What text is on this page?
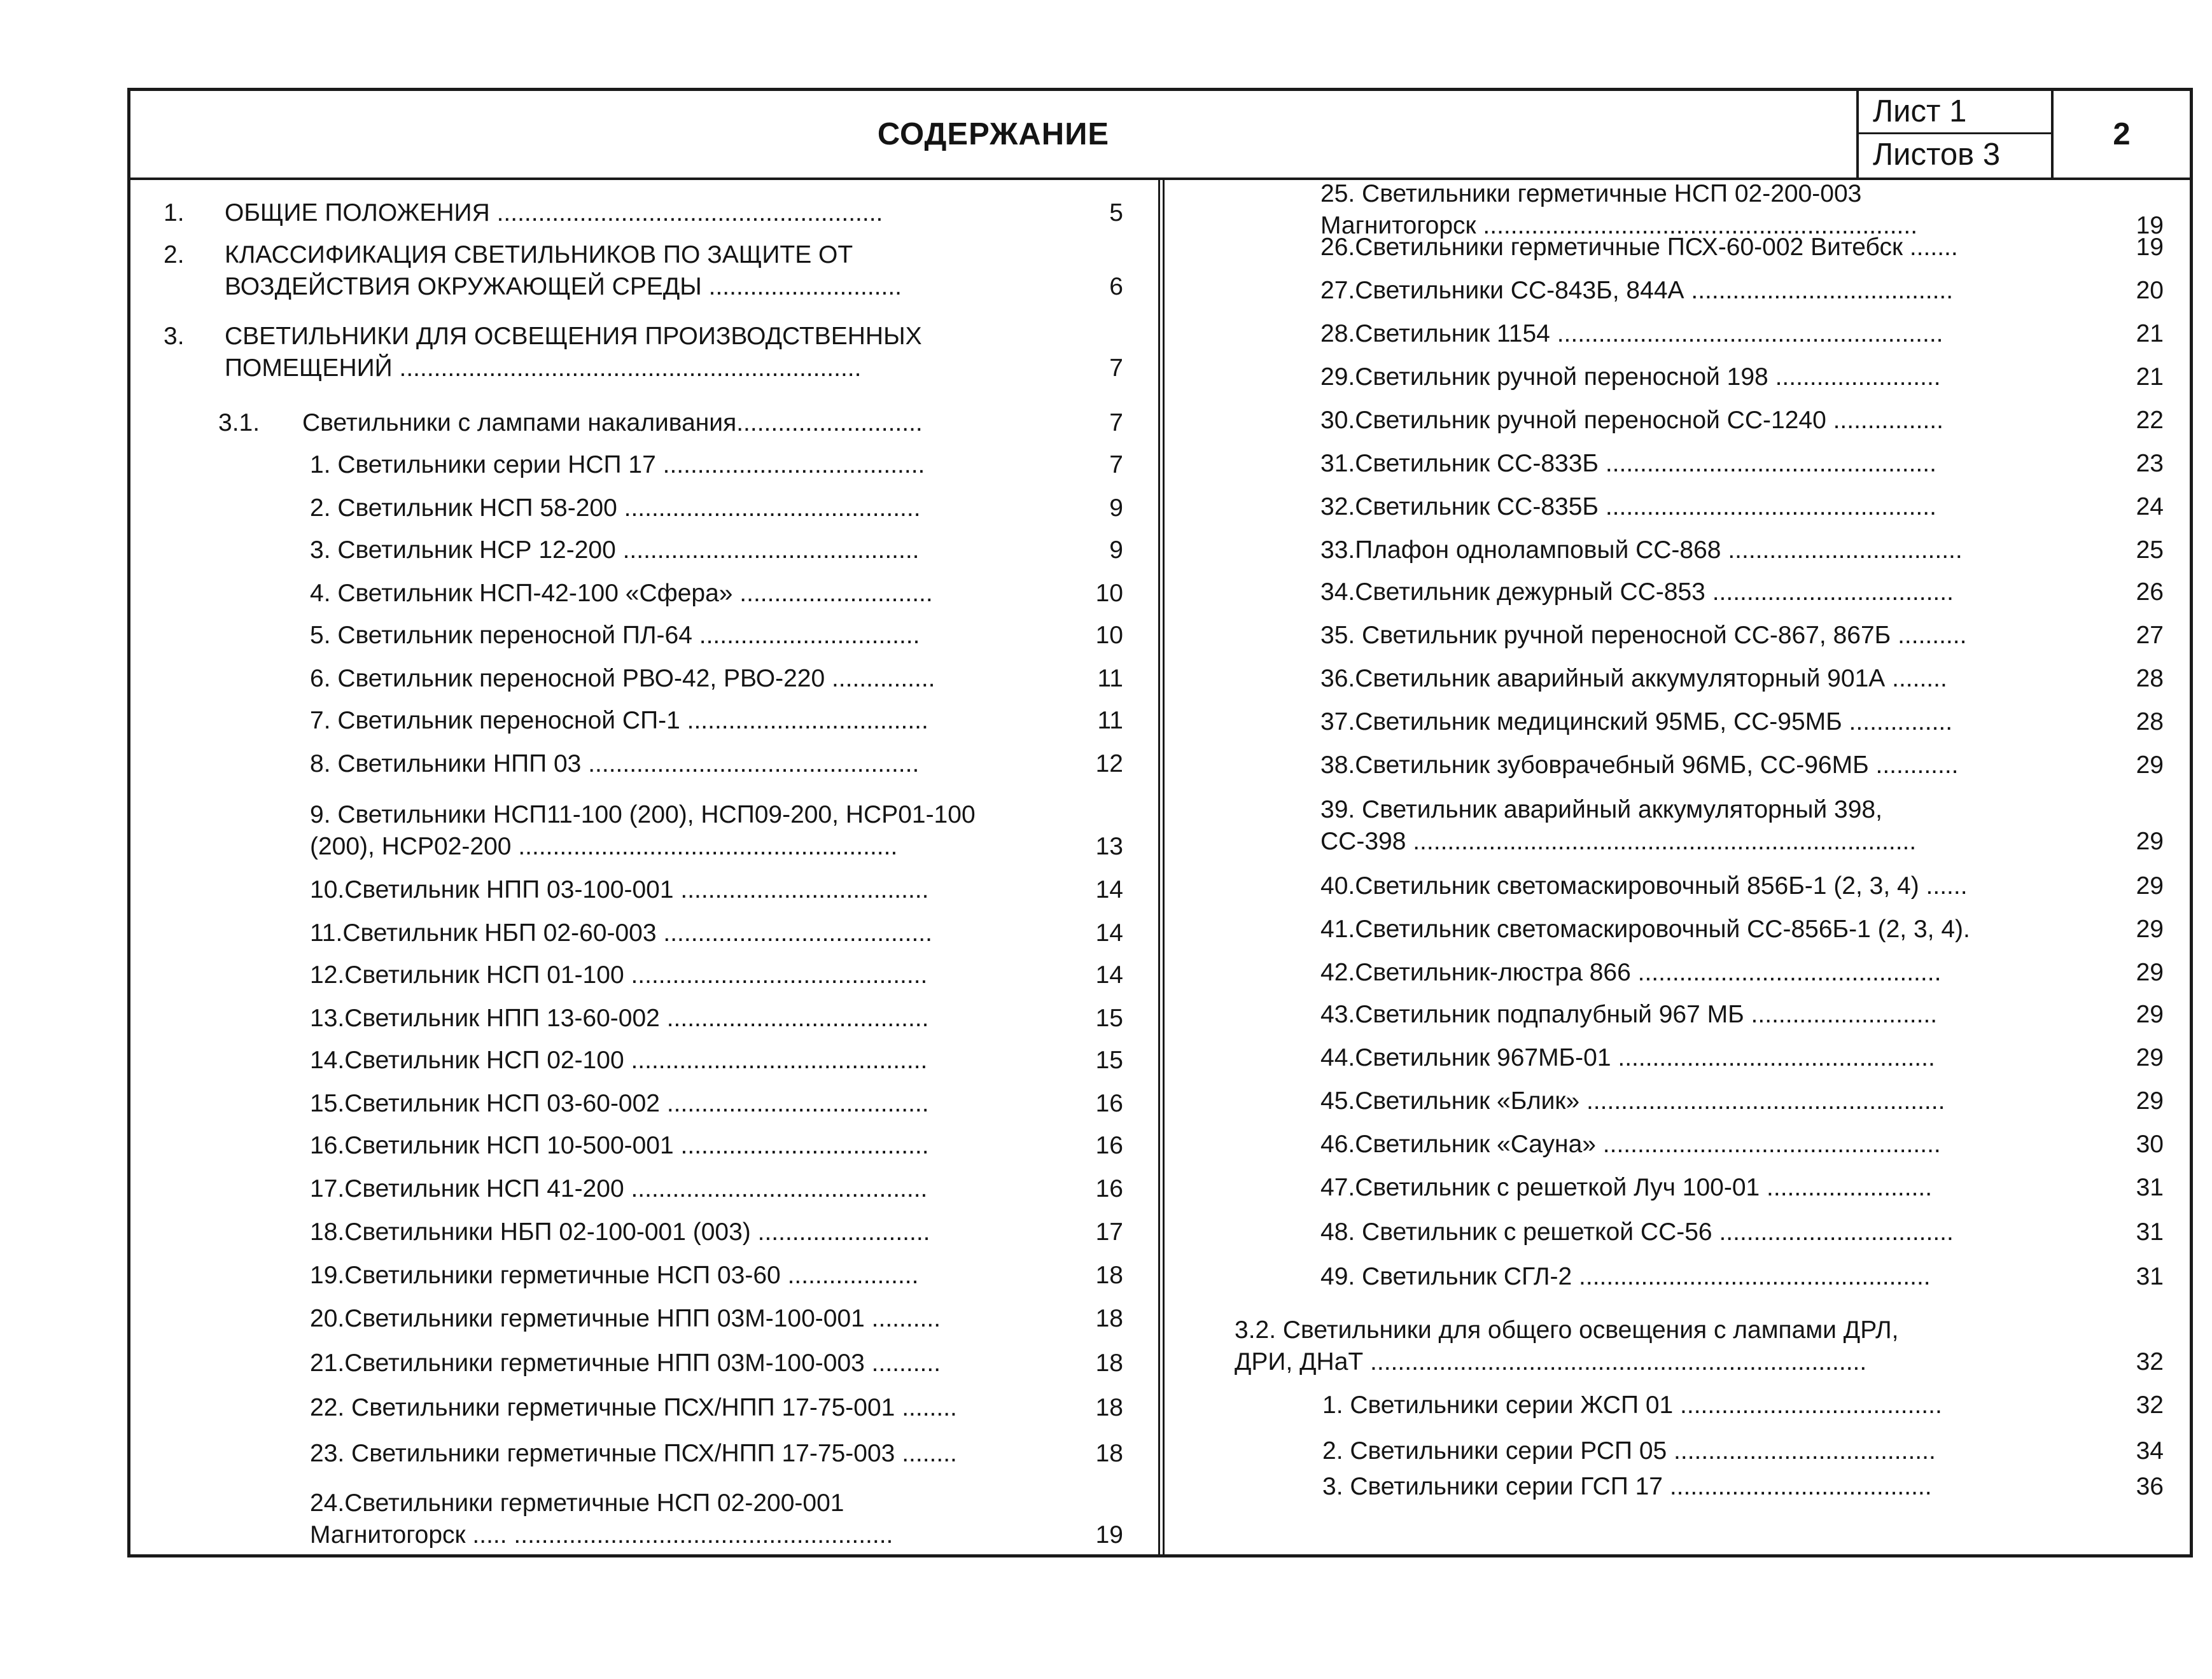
СОДЕРЖАНИЕ
Лист 1
Листов 3
2
1. ОБЩИЕ ПОЛОЖЕНИЯ ........................................................	5
2. КЛАССИФИКАЦИЯ СВЕТИЛЬНИКОВ ПО ЗАЩИТЕ ОТ
ВОЗДЕЙСТВИЯ ОКРУЖАЮЩЕЙ СРЕДЫ ............................	6
3. СВЕТИЛЬНИКИ ДЛЯ ОСВЕЩЕНИЯ ПРОИЗВОДСТВЕННЫХ
ПОМЕЩЕНИЙ ...................................................................	7
3.1. Светильники с лампами накаливания...........................	7
1. Светильники серии НСП 17 ......................................	7
2. Светильник НСП 58-200 ...........................................	9
3. Светильник НСР 12-200 ...........................................	9
4. Светильник НСП-42-100 «Сфера» ............................	10
5. Светильник переносной ПЛ-64 ................................	10
6. Светильник переносной РВО-42, РВО-220 ...............	11
7. Светильник переносной СП-1 ...................................	11
8. Светильники НПП 03 ................................................	12
9. Светильники НСП11-100 (200), НСП09-200, НСР01-100
(200), НСР02-200 .......................................................	13
10.Светильник НПП 03-100-001 ....................................	14
11.Светильник НБП 02-60-003 .......................................	14
12.Светильник НСП 01-100 ...........................................	14
13.Светильник НПП 13-60-002 ......................................	15
14.Светильник НСП 02-100 ...........................................	15
15.Светильник НСП 03-60-002 ......................................	16
16.Светильник НСП 10-500-001 ....................................	16
17.Светильник НСП 41-200 ...........................................	16
18.Светильники НБП 02-100-001 (003) .........................	17
19.Светильники герметичные НСП 03-60 ...................	18
20.Светильники герметичные НПП 03М-100-001 ..........	18
21.Светильники герметичные НПП 03М-100-003 ..........	18
22. Светильники герметичные ПСХ/НПП 17-75-001 ........	18
23. Светильники герметичные ПСХ/НПП 17-75-003 ........	18
24.Светильники герметичные НСП 02-200-001
Магнитогорск ..... .......................................................	19
25. Светильники герметичные НСП 02-200-003
Магнитогорск ...............................................................	19
26.Светильники герметичные ПСХ-60-002 Витебск .......	19
27.Светильники СС-843Б, 844А ......................................	20
28.Светильник 1154 ........................................................	21
29.Светильник ручной переносной 198 ........................	21
30.Светильник ручной переносной СС-1240 ................	22
31.Светильник СС-833Б ................................................	23
32.Светильник СС-835Б ................................................	24
33.Плафон однoламповый СС-868 ..................................	25
34.Светильник дежурный СС-853 ...................................	26
35. Светильник ручной переносной СС-867, 867Б ..........	27
36.Светильник аварийный аккумуляторный 901А ........	28
37.Светильник медицинский 95МБ, СС-95МБ ...............	28
38.Светильник зубоврачебный 96МБ, СС-96МБ ............	29
39. Светильник аварийный аккумуляторный 398,
СС-398 .........................................................................	29
40.Светильник светомаскировочный 856Б-1 (2, 3, 4) ......	29
41.Светильник светомаскировочный СС-856Б-1 (2, 3, 4).	29
42.Светильник-люстра 866 ............................................	29
43.Светильник подпалубный 967 МБ ...........................	29
44.Светильник 967МБ-01 ..............................................	29
45.Светильник «Блик» ....................................................	29
46.Светильник «Сауна» .................................................	30
47.Светильник с решеткой Луч 100-01 ........................	31
48. Светильник с решеткой СС-56 ..................................	31
49. Светильник СГЛ-2 ...................................................	31
3.2. Светильники для общего освещения с лампами ДРЛ,
ДРИ, ДНаТ ........................................................................	32
1. Светильники серии ЖСП 01 ......................................	32
2. Светильники серии РСП 05 ......................................	34
3. Светильники серии ГСП 17 ......................................	36
